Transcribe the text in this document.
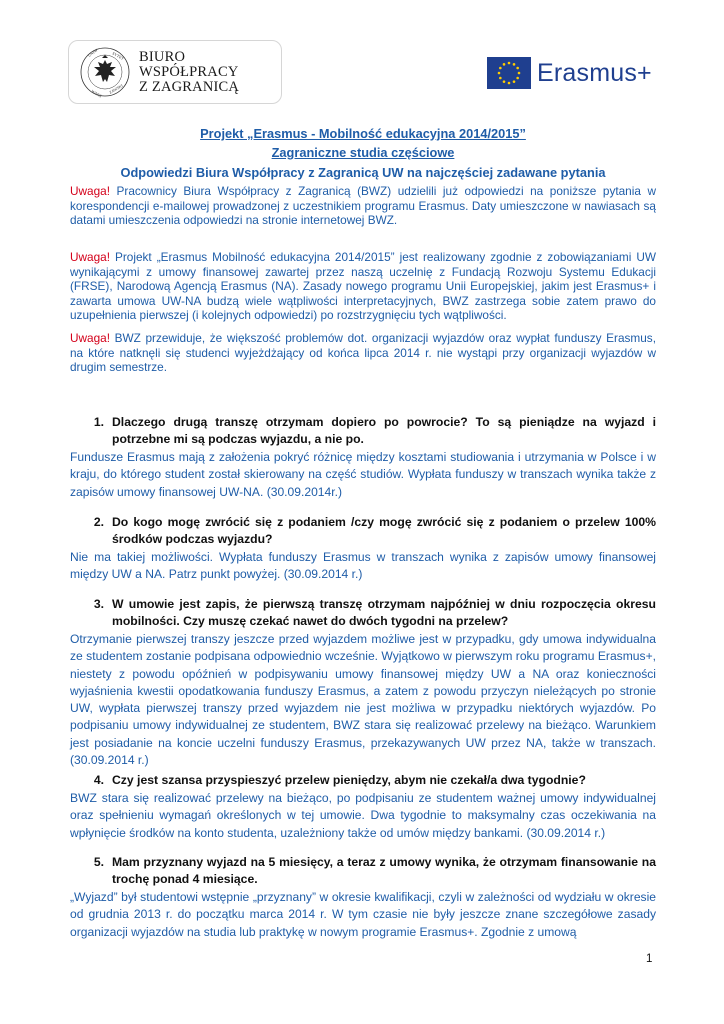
UNIW	SYTET
WARS ZAWSKI
BIURO
WSPÓŁPRACY
Z ZAGRANICĄ	Erasmus+
Projekt „Erasmus - Mobilność edukacyjna 2014/2015”
Zagraniczne studia częściowe
Odpowiedzi Biura Współpracy z Zagranicą UW na najczęściej zadawane pytania
Uwaga! Pracownicy Biura Współpracy z Zagranicą (BWZ) udzielili już odpowiedzi na poniższe pytania w korespondencji e-mailowej prowadzonej z uczestnikiem programu Erasmus. Daty umieszczone w nawiasach są datami umieszczenia odpowiedzi na stronie internetowej BWZ.
Uwaga! Projekt „Erasmus Mobilność edukacyjna 2014/2015” jest realizowany zgodnie z zobowiązaniami UW wynikającymi z umowy finansowej zawartej przez naszą uczelnię z Fundacją Rozwoju Systemu Edukacji (FRSE), Narodową Agencją Erasmus (NA). Zasady nowego programu Unii Europejskiej, jakim jest Erasmus+ i zawarta umowa UW-NA budzą wiele wątpliwości interpretacyjnych, BWZ zastrzega sobie zatem prawo do uzupełnienia pierwszej (i kolejnych odpowiedzi) po rozstrzygnięciu tych wątpliwości.
Uwaga! BWZ przewiduje, że większość problemów dot. organizacji wyjazdów oraz wypłat funduszy Erasmus, na które natknęli się studenci wyjeżdżający od końca lipca 2014 r. nie wystąpi przy organizacji wyjazdów w drugim semestrze.
1. Dlaczego drugą transzę otrzymam dopiero po powrocie? To są pieniądze na wyjazd i potrzebne mi są podczas wyjazdu, a nie po.
Fundusze Erasmus mają z założenia pokryć różnicę między kosztami studiowania i utrzymania w Polsce i w kraju, do którego student został skierowany na część studiów. Wypłata funduszy w transzach wynika także z zapisów umowy finansowej UW-NA. (30.09.2014r.)
2. Do kogo mogę zwrócić się z podaniem /czy mogę zwrócić się z podaniem o przelew 100% środków podczas wyjazdu?
Nie ma takiej możliwości. Wypłata funduszy Erasmus w transzach wynika z zapisów umowy finansowej między UW a NA. Patrz punkt powyżej. (30.09.2014 r.)
3. W umowie jest zapis, że pierwszą transzę otrzymam najpóźniej w dniu rozpoczęcia okresu mobilności. Czy muszę czekać nawet do dwóch tygodni na przelew?
Otrzymanie pierwszej transzy jeszcze przed wyjazdem możliwe jest w przypadku, gdy umowa indywidualna ze studentem zostanie podpisana odpowiednio wcześnie. Wyjątkowo w pierwszym roku programu Erasmus+, niestety z powodu opóźnień w podpisywaniu umowy finansowej między UW a NA oraz konieczności wyjaśnienia kwestii opodatkowania funduszy Erasmus, a zatem z powodu przyczyn nieleżących po stronie UW, wypłata pierwszej transzy przed wyjazdem nie jest możliwa w przypadku niektórych wyjazdów. Po podpisaniu umowy indywidualnej ze studentem, BWZ stara się realizować przelewy na bieżąco. Warunkiem jest posiadanie na koncie uczelni funduszy Erasmus, przekazywanych UW przez NA, także w transzach. (30.09.2014 r.)
4. Czy jest szansa przyspieszyć przelew pieniędzy, abym nie czekał/a dwa tygodnie?
BWZ stara się realizować przelewy na bieżąco, po podpisaniu ze studentem ważnej umowy indywidualnej oraz spełnieniu wymagań określonych w tej umowie. Dwa tygodnie to maksymalny czas oczekiwania na wpłynięcie środków na konto studenta, uzależniony także od umów między bankami. (30.09.2014 r.)
5. Mam przyznany wyjazd na 5 miesięcy, a teraz z umowy wynika, że otrzymam finansowanie na trochę ponad 4 miesiące.
„Wyjazd” był studentowi wstępnie „przyznany” w okresie kwalifikacji, czyli w zależności od wydziału w okresie od grudnia 2013 r. do początku marca 2014 r. W tym czasie nie były jeszcze znane szczegółowe zasady organizacji wyjazdów na studia lub praktykę w nowym programie Erasmus+. Zgodnie z umową
1
